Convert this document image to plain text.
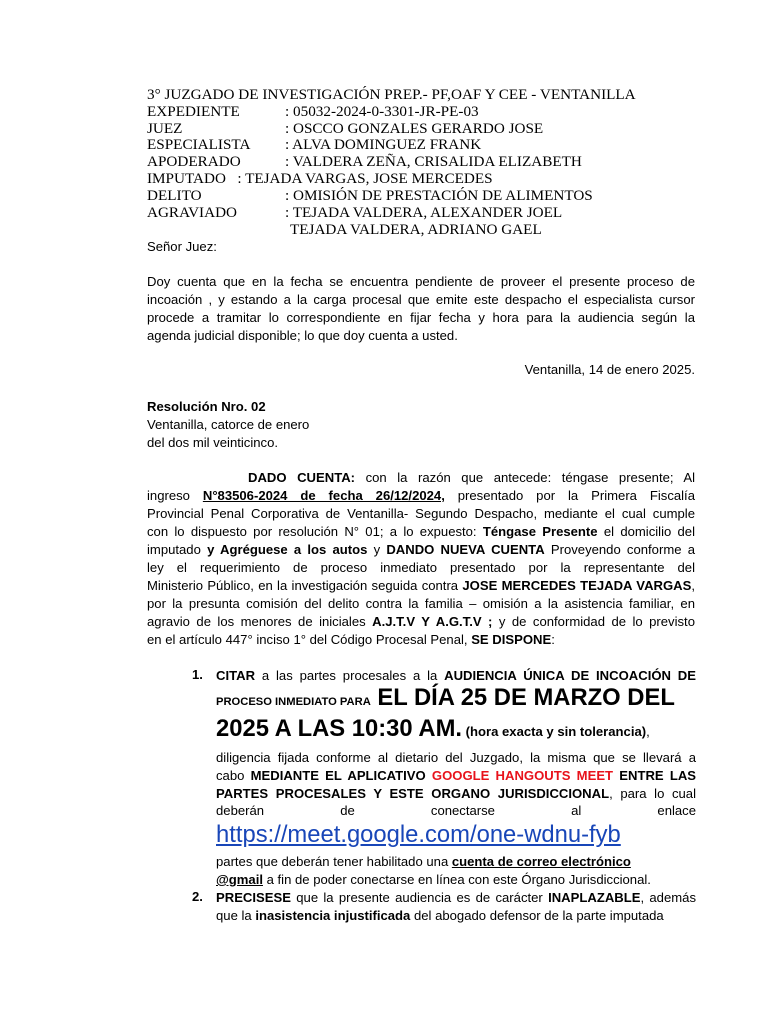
3° JUZGADO DE INVESTIGACIÓN PREP.- PF,OAF Y CEE - VENTANILLA
EXPEDIENTE	: 05032-2024-0-3301-JR-PE-03
JUEZ	: OSCCO GONZALES GERARDO JOSE
ESPECIALISTA : ALVA DOMINGUEZ FRANK
APODERADO	: VALDERA ZEÑA, CRISALIDA ELIZABETH
IMPUTADO   : TEJADA VARGAS, JOSE MERCEDES
DELITO	: OMISIÓN DE PRESTACIÓN DE ALIMENTOS
AGRAVIADO	: TEJADA VALDERA, ALEXANDER JOEL
TEJADA VALDERA, ADRIANO GAEL
Señor Juez:
Doy cuenta que en la fecha se encuentra pendiente de proveer el presente proceso de
incoación , y estando a la carga procesal que emite este despacho el especialista cursor
procede a tramitar lo correspondiente en fijar fecha y hora para la audiencia según la
agenda judicial disponible; lo que doy cuenta a usted.
Ventanilla, 14 de enero 2025.
Resolución Nro. 02
Ventanilla, catorce de enero
del dos mil veinticinco.
DADO CUENTA: con la razón que antecede: téngase presente; Al
ingreso N°83506-2024 de fecha 26/12/2024, presentado por la Primera Fiscalía
Provincial Penal Corporativa de Ventanilla- Segundo Despacho, mediante el cual cumple
con lo dispuesto por resolución N° 01; a lo expuesto: Téngase Presente el domicilio del
imputado y Agréguese a los autos y DANDO NUEVA CUENTA Proveyendo conforme a
ley el requerimiento de proceso inmediato presentado por la representante del
Ministerio Público, en la investigación seguida contra JOSE MERCEDES TEJADA VARGAS,
por la presunta comisión del delito contra la familia – omisión a la asistencia familiar, en
agravio de los menores de iniciales A.J.T.V Y A.G.T.V ; y de conformidad de lo previsto
en el artículo 447° inciso 1° del Código Procesal Penal, SE DISPONE:
1. CITAR a las partes procesales a la AUDIENCIA ÚNICA DE INCOACIÓN DE
PROCESO INMEDIATO PARA EL DÍA 25 DE MARZO DEL
2025 A LAS 10:30 AM. (hora exacta y sin tolerancia),
diligencia fijada conforme al dietario del Juzgado, la misma que se llevará a
cabo MEDIANTE EL APLICATIVO GOOGLE HANGOUTS MEET ENTRE LAS
PARTES PROCESALES Y ESTE ORGANO JURISDICCIONAL, para lo cual
deberán	de	conectarse	al	enlace
https://meet.google.com/one-wdnu-fyb
partes que deberán tener habilitado una cuenta de correo electrónico
@gmail a fin de poder conectarse en línea con este Órgano Jurisdiccional.
2. PRECISESE que la presente audiencia es de carácter INAPLAZABLE, además
que la inasistencia injustificada del abogado defensor de la parte imputada
